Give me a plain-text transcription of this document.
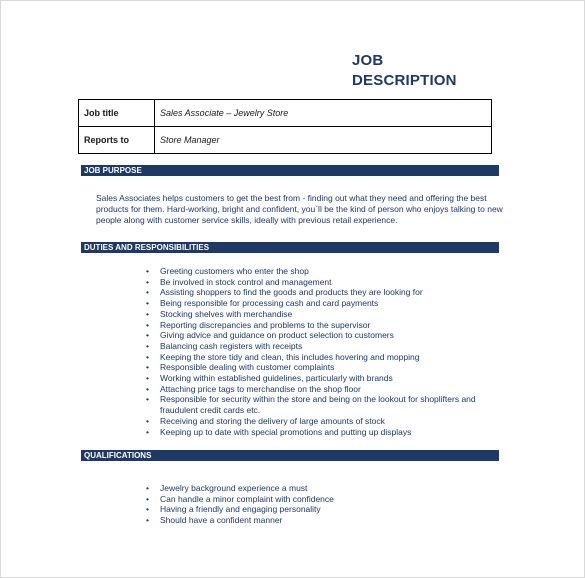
JOB
DESCRIPTION
Job title	Sales Associate – Jewelry Store
Reports to	Store Manager
JOB PURPOSE
Sales Associates helps customers to get the best from - finding out what they need and offering the best products for them. Hard-working, bright and confident, you`ll be the kind of person who enjoys talking to new people along with customer service skills, ideally with previous retail experience.
DUTIES AND RESPONSIBILITIES
• Greeting customers who enter the shop
• Be involved in stock control and management
• Assisting shoppers to find the goods and products they are looking for
• Being responsible for processing cash and card payments
• Stocking shelves with merchandise
• Reporting discrepancies and problems to the supervisor
• Giving advice and guidance on product selection to customers
• Balancing cash registers with receipts
• Keeping the store tidy and clean, this includes hovering and mopping
• Responsible dealing with customer complaints
• Working within established guidelines, particularly with brands
• Attaching price tags to merchandise on the shop floor
• Responsible for security within the store and being on the lookout for shoplifters and fraudulent credit cards etc.
• Receiving and storing the delivery of large amounts of stock
• Keeping up to date with special promotions and putting up displays
QUALIFICATIONS
• Jewelry background experience a must
• Can handle a minor complaint with confidence
• Having a friendly and engaging personality
• Should have a confident manner
